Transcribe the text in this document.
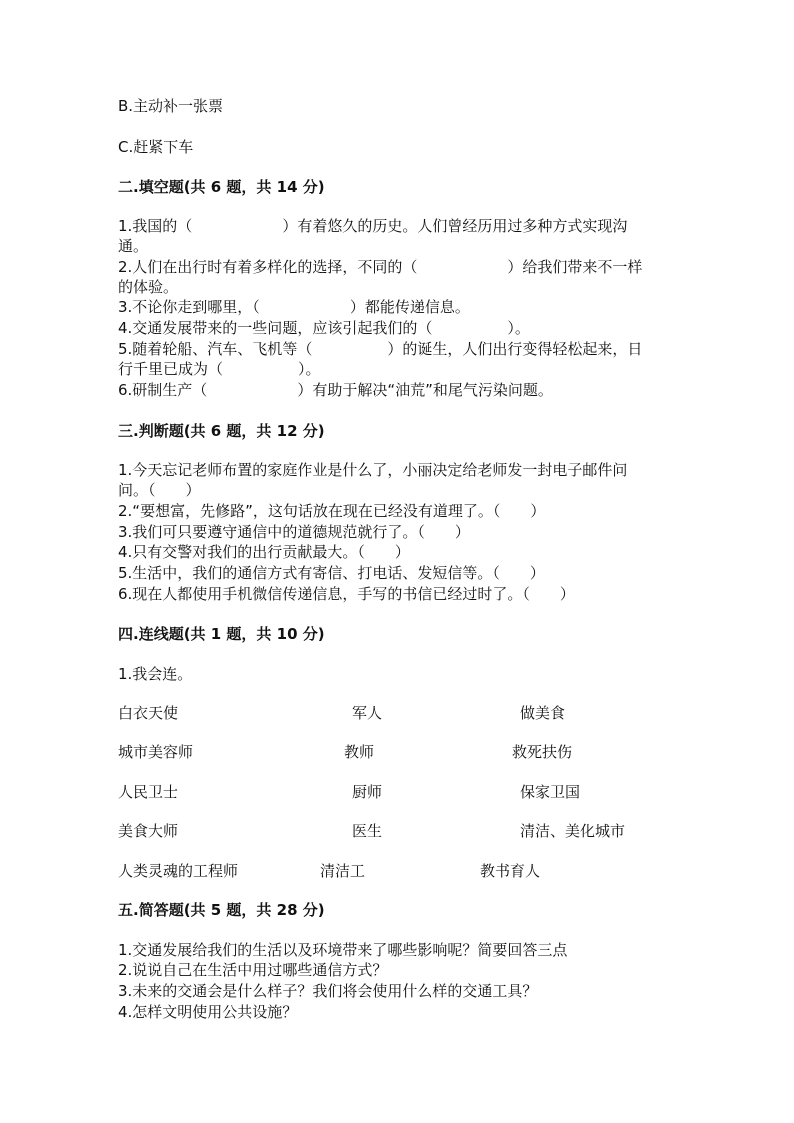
B.主动补一张票
C.赶紧下车
二.填空题(共 6 题，共 14 分)
1.我国的（　　　　　　）有着悠久的历史。人们曾经历用过多种方式实现沟
通。
2.人们在出行时有着多样化的选择，不同的（　　　　　　）给我们带来不一样
的体验。
3.不论你走到哪里，（　　　　　　）都能传递信息。
4.交通发展带来的一些问题，应该引起我们的（　　　　　）。
5.随着轮船、汽车、飞机等（　　　　　）的诞生，人们出行变得轻松起来，日
行千里已成为（　　　　　）。
6.研制生产（　　　　　　）有助于解决“油荒”和尾气污染问题。
三.判断题(共 6 题，共 12 分)
1.今天忘记老师布置的家庭作业是什么了，小丽决定给老师发一封电子邮件问
问。（　　）
2.“要想富，先修路”，这句话放在现在已经没有道理了。（　　）
3.我们可只要遵守通信中的道德规范就行了。（　　）
4.只有交警对我们的出行贡献最大。（　　）
5.生活中，我们的通信方式有寄信、打电话、发短信等。（　　）
6.现在人都使用手机微信传递信息，手写的书信已经过时了。（　　）
四.连线题(共 1 题，共 10 分)
1.我会连。
白衣天使	军人	做美食
城市美容师	教师	救死扶伤
人民卫士	厨师	保家卫国
美食大师	医生	清洁、美化城市
人类灵魂的工程师	清洁工	教书育人
五.简答题(共 5 题，共 28 分)
1.交通发展给我们的生活以及环境带来了哪些影响呢？简要回答三点
2.说说自己在生活中用过哪些通信方式？
3.未来的交通会是什么样子？我们将会使用什么样的交通工具？
4.怎样文明使用公共设施？
